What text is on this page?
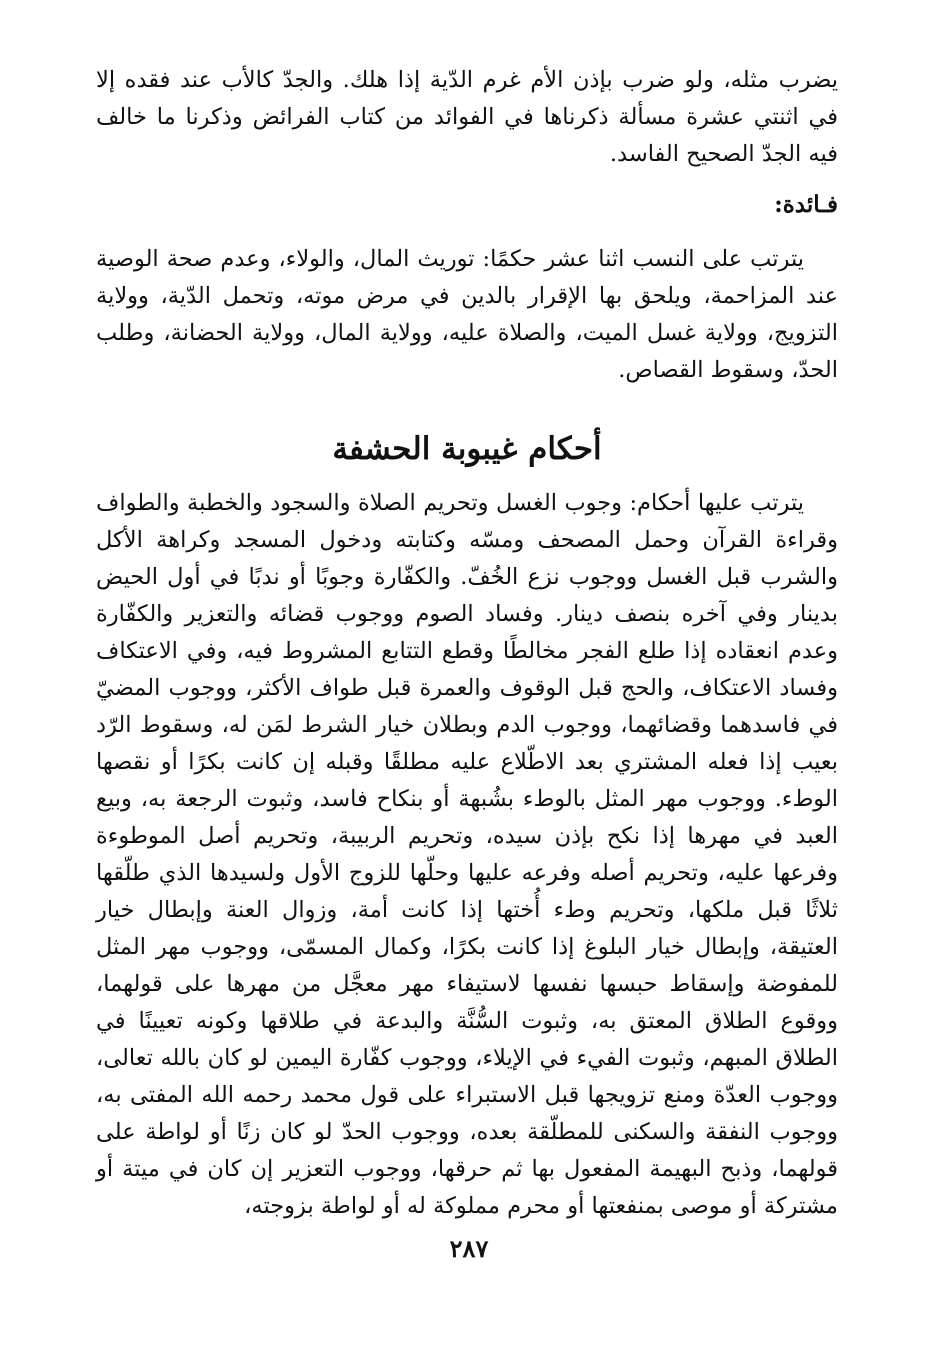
يضرب مثله، ولو ضرب بإذن الأم غرم الدّية إذا هلك. والجدّ كالأب عند فقده إلا في اثنتي عشرة مسألة ذكرناها في الفوائد من كتاب الفرائض وذكرنا ما خالف فيه الجدّ الصحيح الفاسد.

فـائدة:

يترتب على النسب اثنا عشر حكمًا: توريث المال، والولاء، وعدم صحة الوصية عند المزاحمة، ويلحق بها الإقرار بالدين في مرض موته، وتحمل الدّية، وولاية التزويج، وولاية غسل الميت، والصلاة عليه، وولاية المال، وولاية الحضانة، وطلب الحدّ، وسقوط القصاص.

أحكام غيبوبة الحشفة

يترتب عليها أحكام: وجوب الغسل وتحريم الصلاة والسجود والخطبة والطواف وقراءة القرآن وحمل المصحف ومسّه وكتابته ودخول المسجد وكراهة الأكل والشرب قبل الغسل ووجوب نزع الخُفّ. والكفّارة وجوبًا أو ندبًا في أول الحيض بدينار وفي آخره بنصف دينار. وفساد الصوم ووجوب قضائه والتعزير والكفّارة وعدم انعقاده إذا طلع الفجر مخالطًا وقطع التتابع المشروط فيه، وفي الاعتكاف وفساد الاعتكاف، والحج قبل الوقوف والعمرة قبل طواف الأكثر، ووجوب المضيّ في فاسدهما وقضائهما، ووجوب الدم وبطلان خيار الشرط لمَن له، وسقوط الرّد بعيب إذا فعله المشتري بعد الاطّلاع عليه مطلقًا وقبله إن كانت بكرًا أو نقصها الوطء. ووجوب مهر المثل بالوطء بشُبهة أو بنكاح فاسد، وثبوت الرجعة به، وبيع العبد في مهرها إذا نكح بإذن سيده، وتحريم الربيبة، وتحريم أصل الموطوءة وفرعها عليه، وتحريم أصله وفرعه عليها وحلّها للزوج الأول ولسيدها الذي طلّقها ثلاثًا قبل ملكها، وتحريم وطء أُختها إذا كانت أمة، وزوال العنة وإبطال خيار العتيقة، وإبطال خيار البلوغ إذا كانت بكرًا، وكمال المسمّى، ووجوب مهر المثل للمفوضة وإسقاط حبسها نفسها لاستيفاء مهر معجَّل من مهرها على قولهما، ووقوع الطلاق المعتق به، وثبوت السُّنَّة والبدعة في طلاقها وكونه تعيينًا في الطلاق المبهم، وثبوت الفيء في الإيلاء، ووجوب كفّارة اليمين لو كان بالله تعالى، ووجوب العدّة ومنع تزويجها قبل الاستبراء على قول محمد رحمه الله المفتى به، ووجوب النفقة والسكنى للمطلّقة بعده، ووجوب الحدّ لو كان زنًا أو لواطة على قولهما، وذبح البهيمة المفعول بها ثم حرقها، ووجوب التعزير إن كان في ميتة أو مشتركة أو موصى بمنفعتها أو محرم مملوكة له أو لواطة بزوجته،

٢٨٧
